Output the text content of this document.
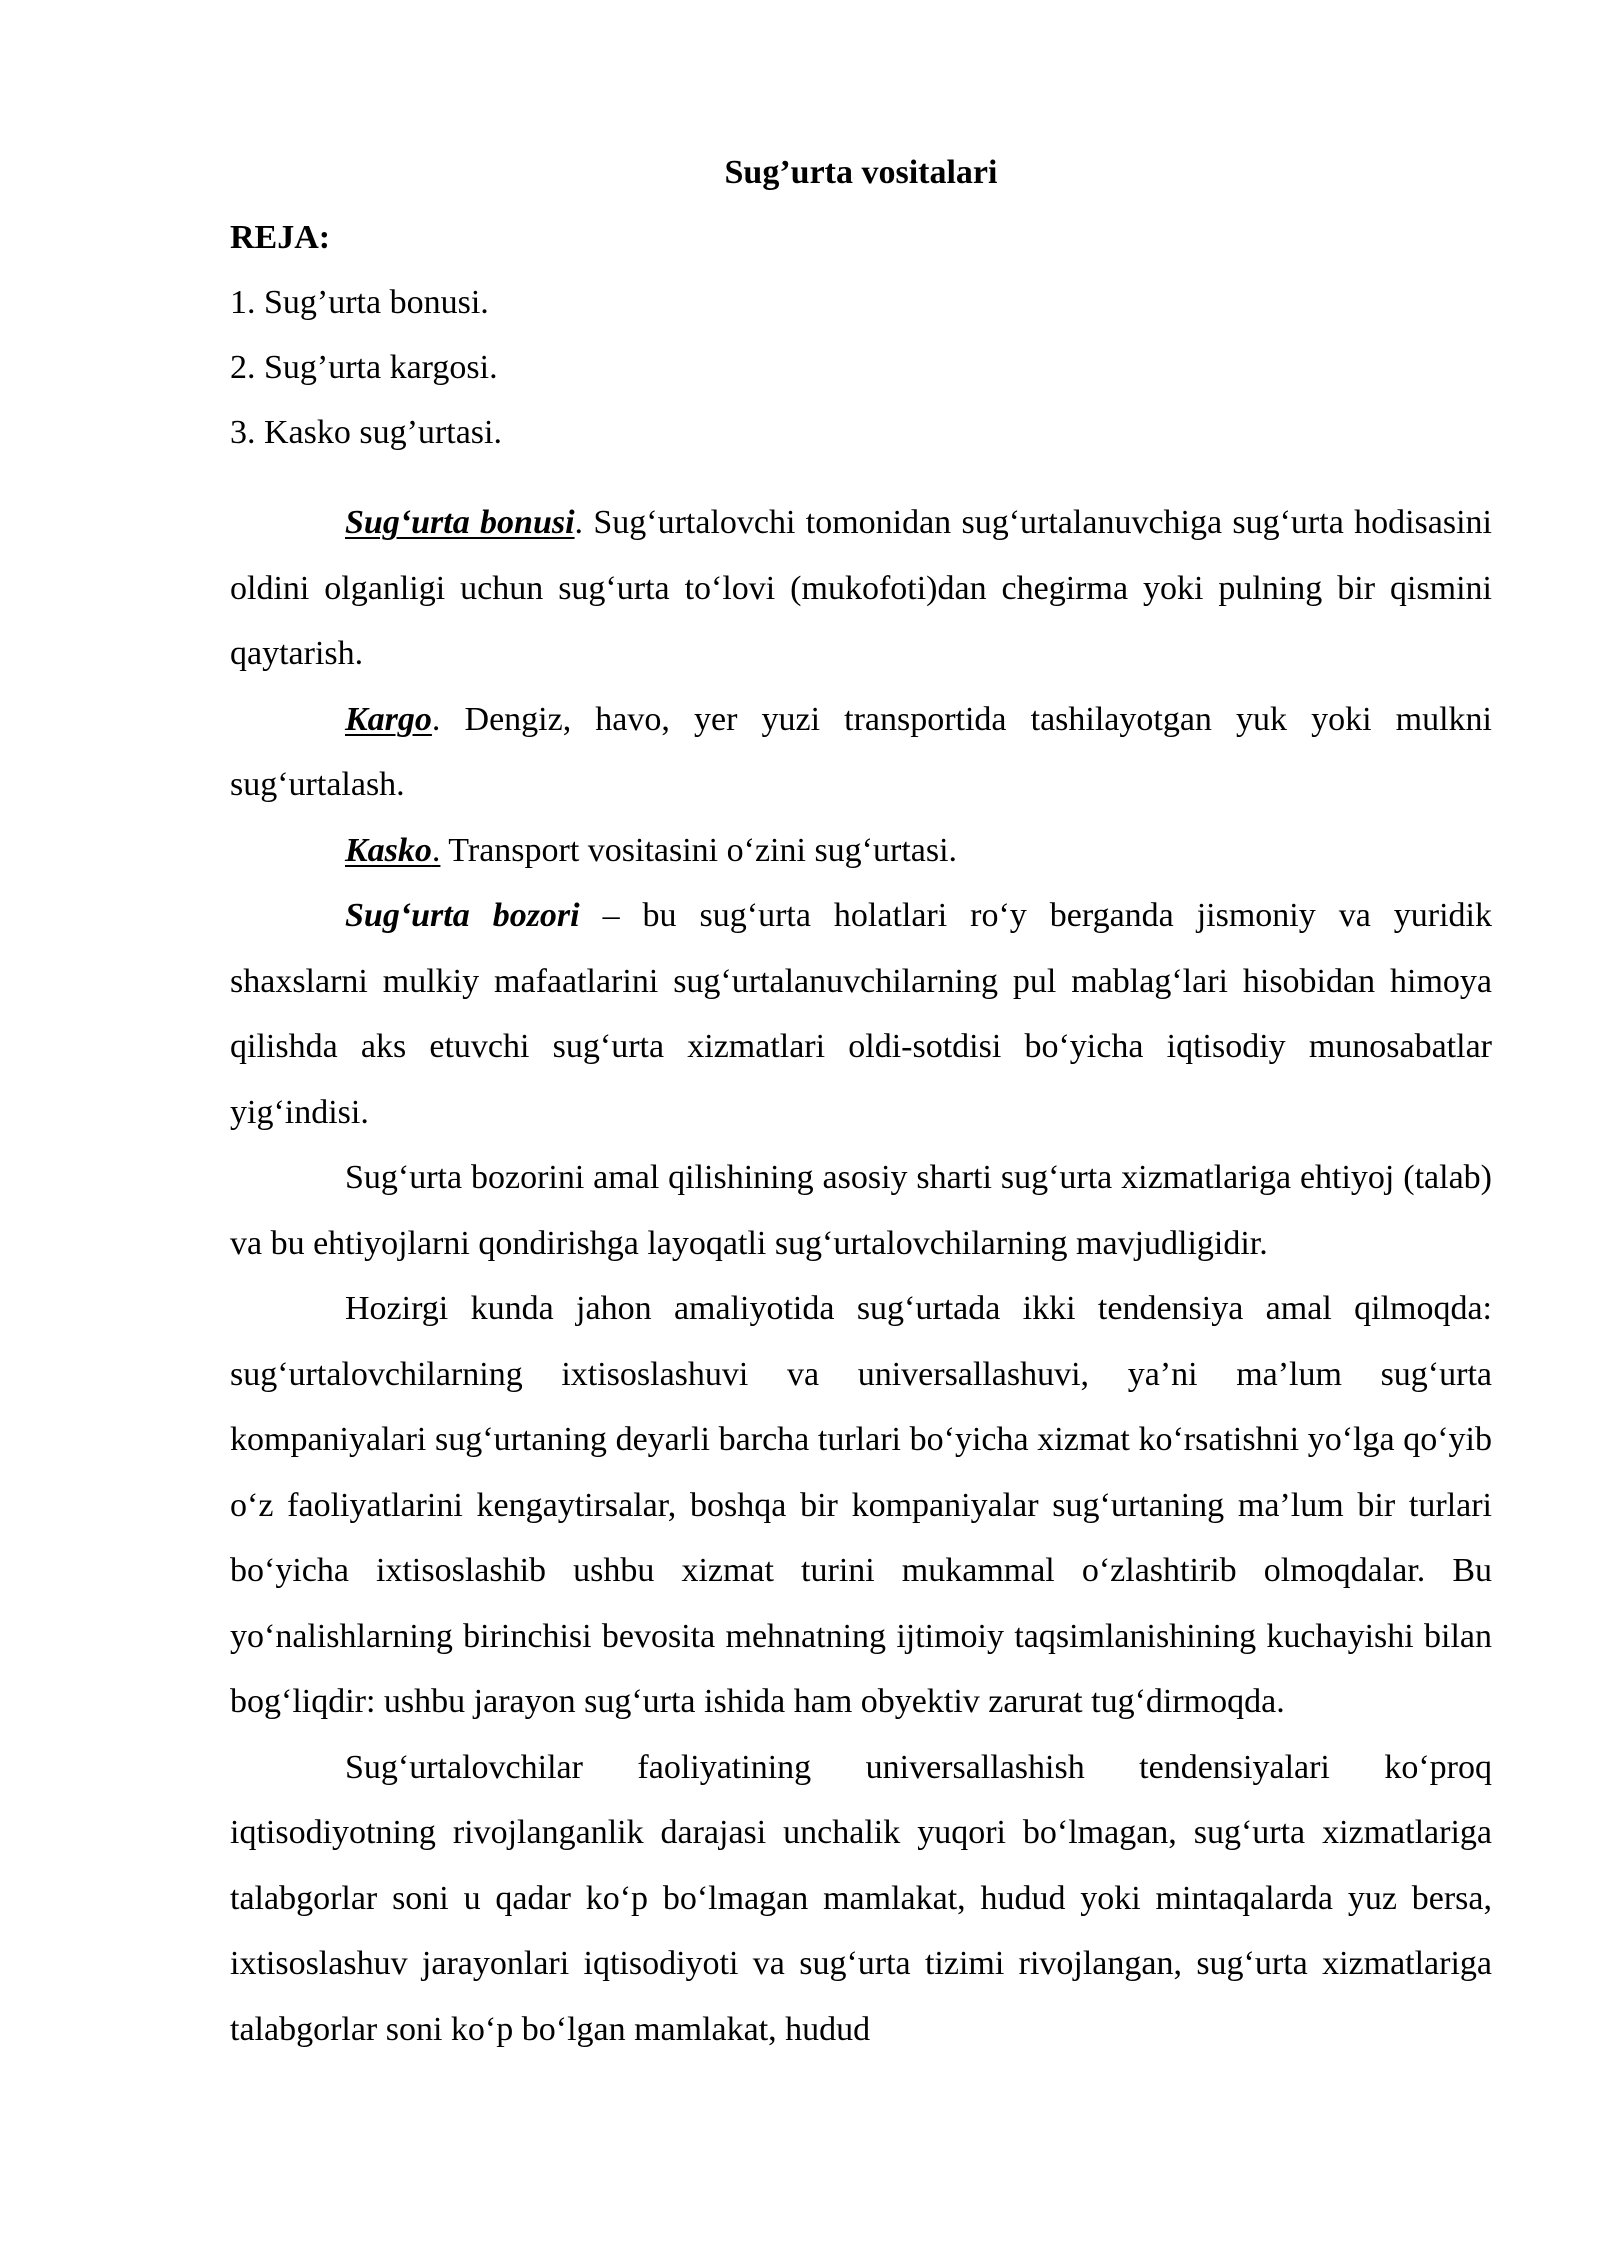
Sug’urta vositalari
REJA:
1. Sug’urta bonusi.
2. Sug’urta kargosi.
3. Kasko sug’urtasi.

Sug‘urta bonusi. Sug‘urtalovchi tomonidan sug‘urtalanuvchiga sug‘urta hodisasini oldini olganligi uchun sug‘urta to‘lovi (mukofoti)dan chegirma yoki pulning bir qismini qaytarish.

Kargo. Dengiz, havo, yer yuzi transportida tashilayotgan yuk yoki mulkni sug‘urtalash.

Kasko. Transport vositasini o‘zini sug‘urtasi.

Sug‘urta bozori – bu sug‘urta holatlari ro‘y berganda jismoniy va yuridik shaxslarni mulkiy mafaatlarini sug‘urtalanuvchilarning pul mablag‘lari hisobidan himoya qilishda aks etuvchi sug‘urta xizmatlari oldi-sotdisi bo‘yicha iqtisodiy munosabatlar yig‘indisi.

Sug‘urta bozorini amal qilishining asosiy sharti sug‘urta xizmatlariga ehtiyoj (talab) va bu ehtiyojlarni qondirishga layoqatli sug‘urtalovchilarning mavjudligidir.

Hozirgi kunda jahon amaliyotida sug‘urtada ikki tendensiya amal qilmoqda: sug‘urtalovchilarning ixtisoslashuvi va universallashuvi, ya’ni ma’lum sug‘urta kompaniyalari sug‘urtaning deyarli barcha turlari bo‘yicha xizmat ko‘rsatishni yo‘lga qo‘yib o‘z faoliyatlarini kengaytirsalar, boshqa bir kompaniyalar sug‘urtaning ma’lum bir turlari bo‘yicha ixtisoslashib ushbu xizmat turini mukammal o‘zlashtirib olmoqdalar. Bu yo‘nalishlarning birinchisi bevosita mehnatning ijtimoiy taqsimlanishining kuchayishi bilan bog‘liqdir: ushbu jarayon sug‘urta ishida ham obyektiv zarurat tug‘dirmoqda.

Sug‘urtalovchilar faoliyatining universallashish tendensiyalari ko‘proq iqtisodiyotning rivojlanganlik darajasi unchalik yuqori bo‘lmagan, sug‘urta xizmatlariga talabgorlar soni u qadar ko‘p bo‘lmagan mamlakat, hudud yoki mintaqalarda yuz bersa, ixtisoslashuv jarayonlari iqtisodiyoti va sug‘urta tizimi rivojlangan, sug‘urta xizmatlariga talabgorlar soni ko‘p bo‘lgan mamlakat, hudud
